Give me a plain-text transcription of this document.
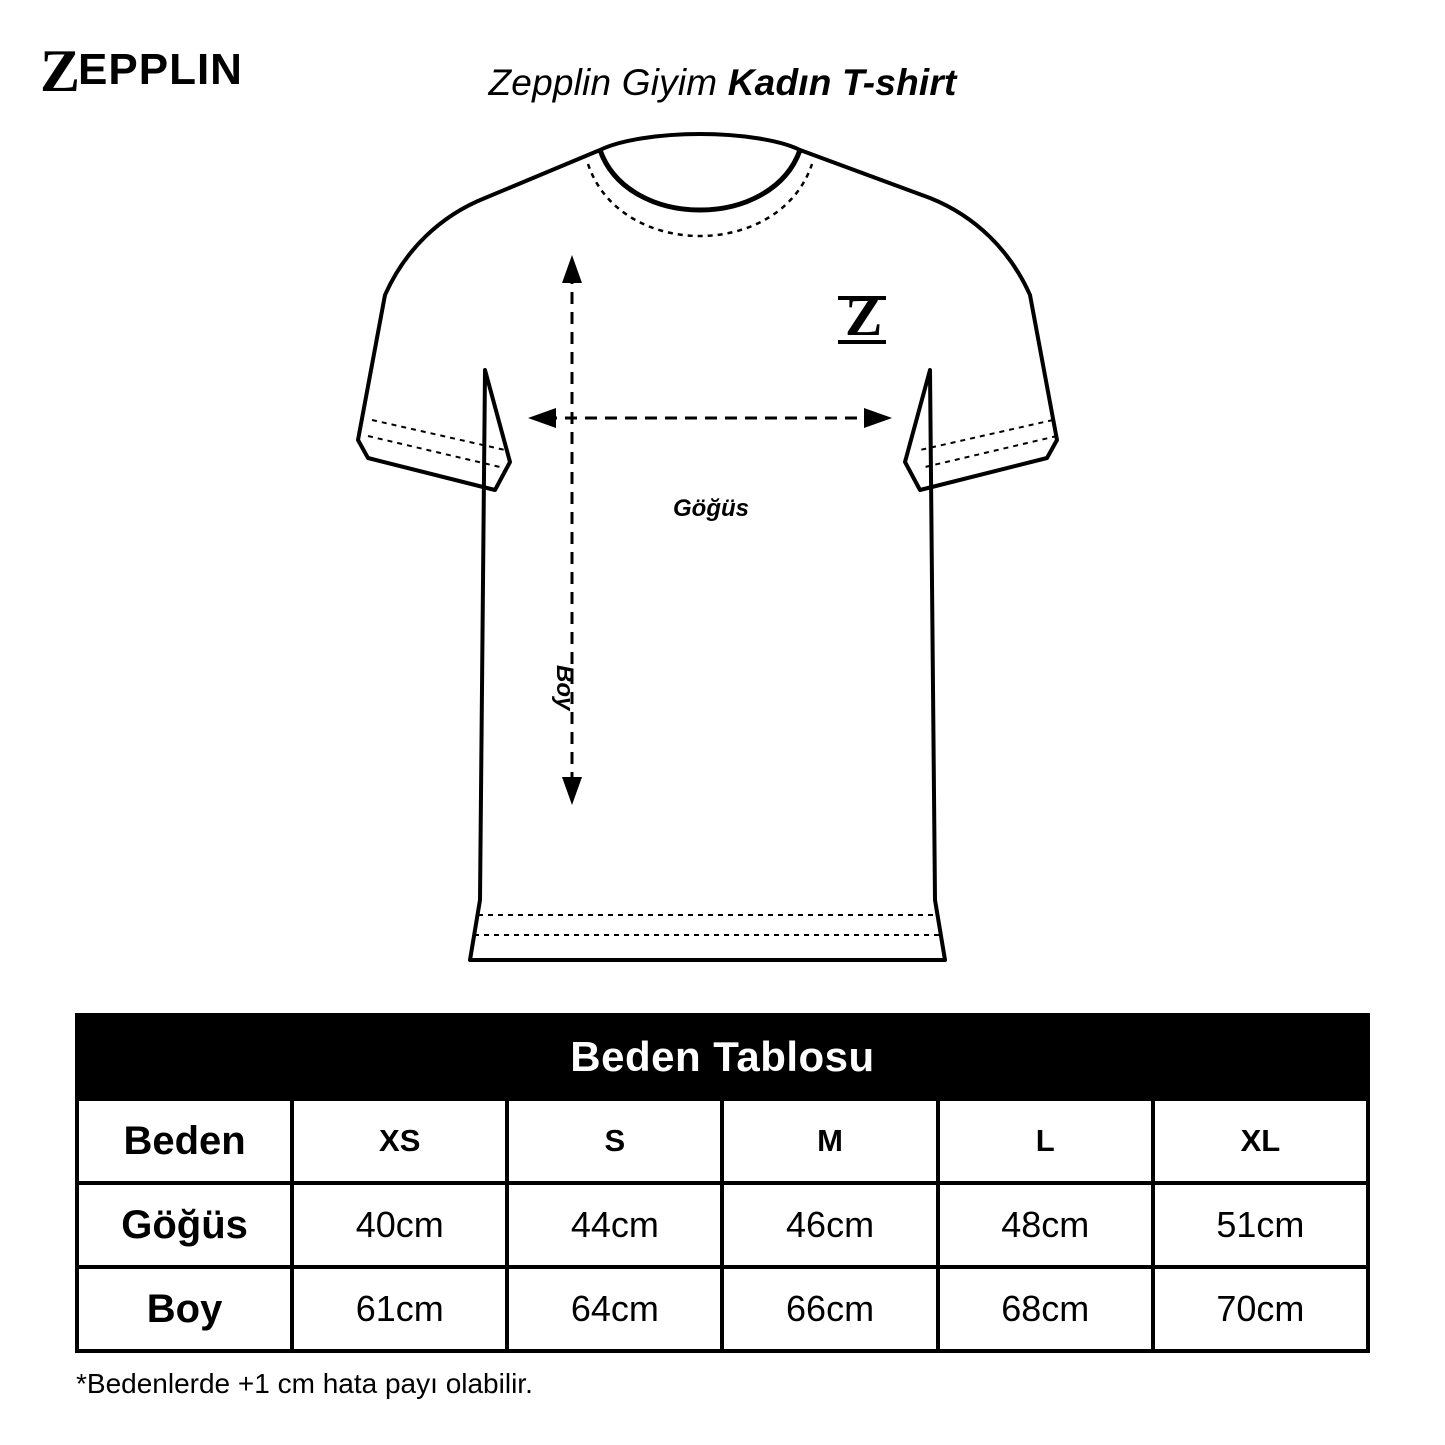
Z EPPLIN	Zepplin Giyim Kadın T-shirt
Z
Göğüs
Boy
Beden Tablosu					
Beden	XS	S	M	L	XL
Göğüs	40cm	44cm	46cm	48cm	51cm
Boy	61cm	64cm	66cm	68cm	70cm
*Bedenlerde +1 cm hata payı olabilir.
